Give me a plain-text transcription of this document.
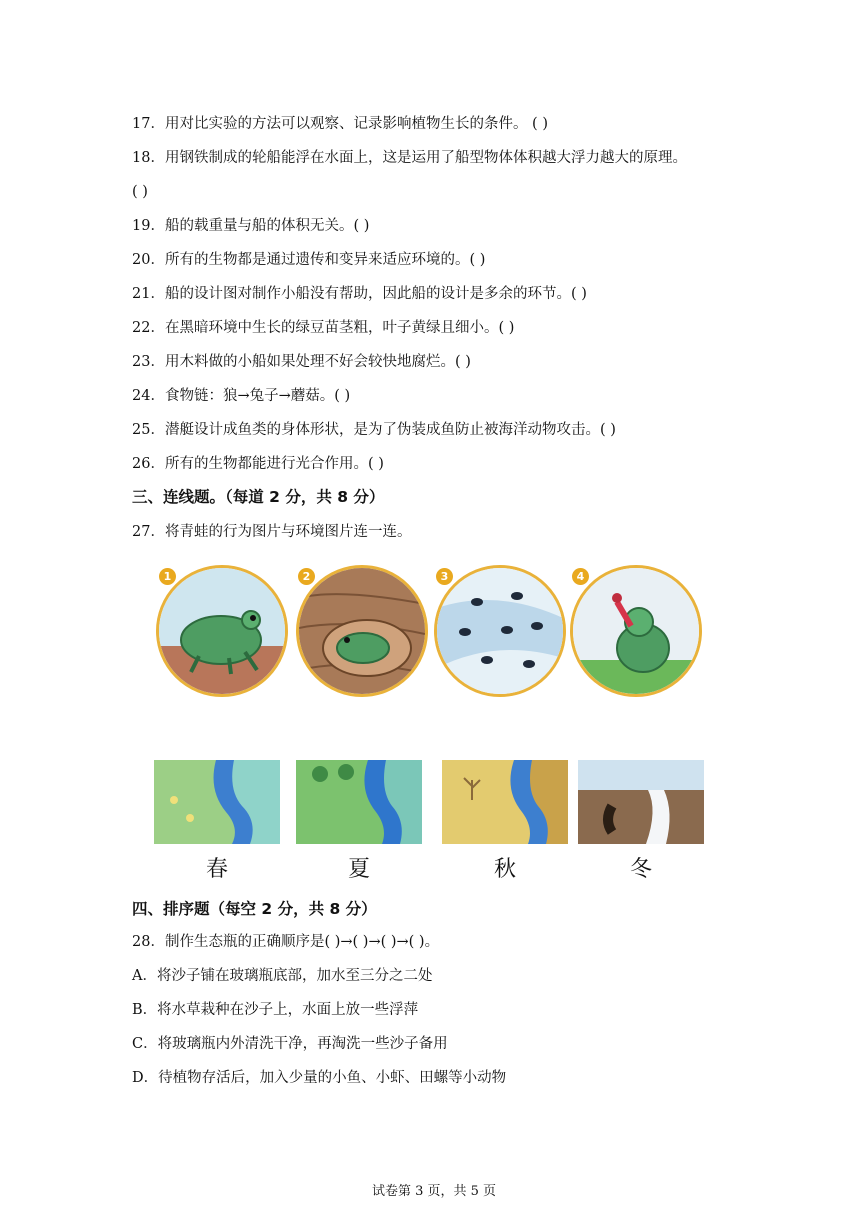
17．用对比实验的方法可以观察、记录影响植物生长的条件。 ( )
18．用钢铁制成的轮船能浮在水面上，这是运用了船型物体体积越大浮力越大的原理。
( )
19．船的载重量与船的体积无关。( )
20．所有的生物都是通过遗传和变异来适应环境的。( )
21．船的设计图对制作小船没有帮助，因此船的设计是多余的环节。( )
22．在黑暗环境中生长的绿豆苗茎粗，叶子黄绿且细小。( )
23．用木料做的小船如果处理不好会较快地腐烂。( )
24．食物链：狼→兔子→蘑菇。( )
25．潜艇设计成鱼类的身体形状，是为了伪装成鱼防止被海洋动物攻击。( )
26．所有的生物都能进行光合作用。( )
三、连线题。（每道 2 分，共 8 分）
27．将青蛙的行为图片与环境图片连一连。
1	2	3	4
春	夏	秋	冬
四、排序题（每空 2 分，共 8 分）
28．制作生态瓶的正确顺序是( )→( )→( )→( )。
A．将沙子铺在玻璃瓶底部，加水至三分之二处
B．将水草栽种在沙子上，水面上放一些浮萍
C．将玻璃瓶内外清洗干净，再淘洗一些沙子备用
D．待植物存活后，加入少量的小鱼、小虾、田螺等小动物
试卷第 3 页，共 5 页
